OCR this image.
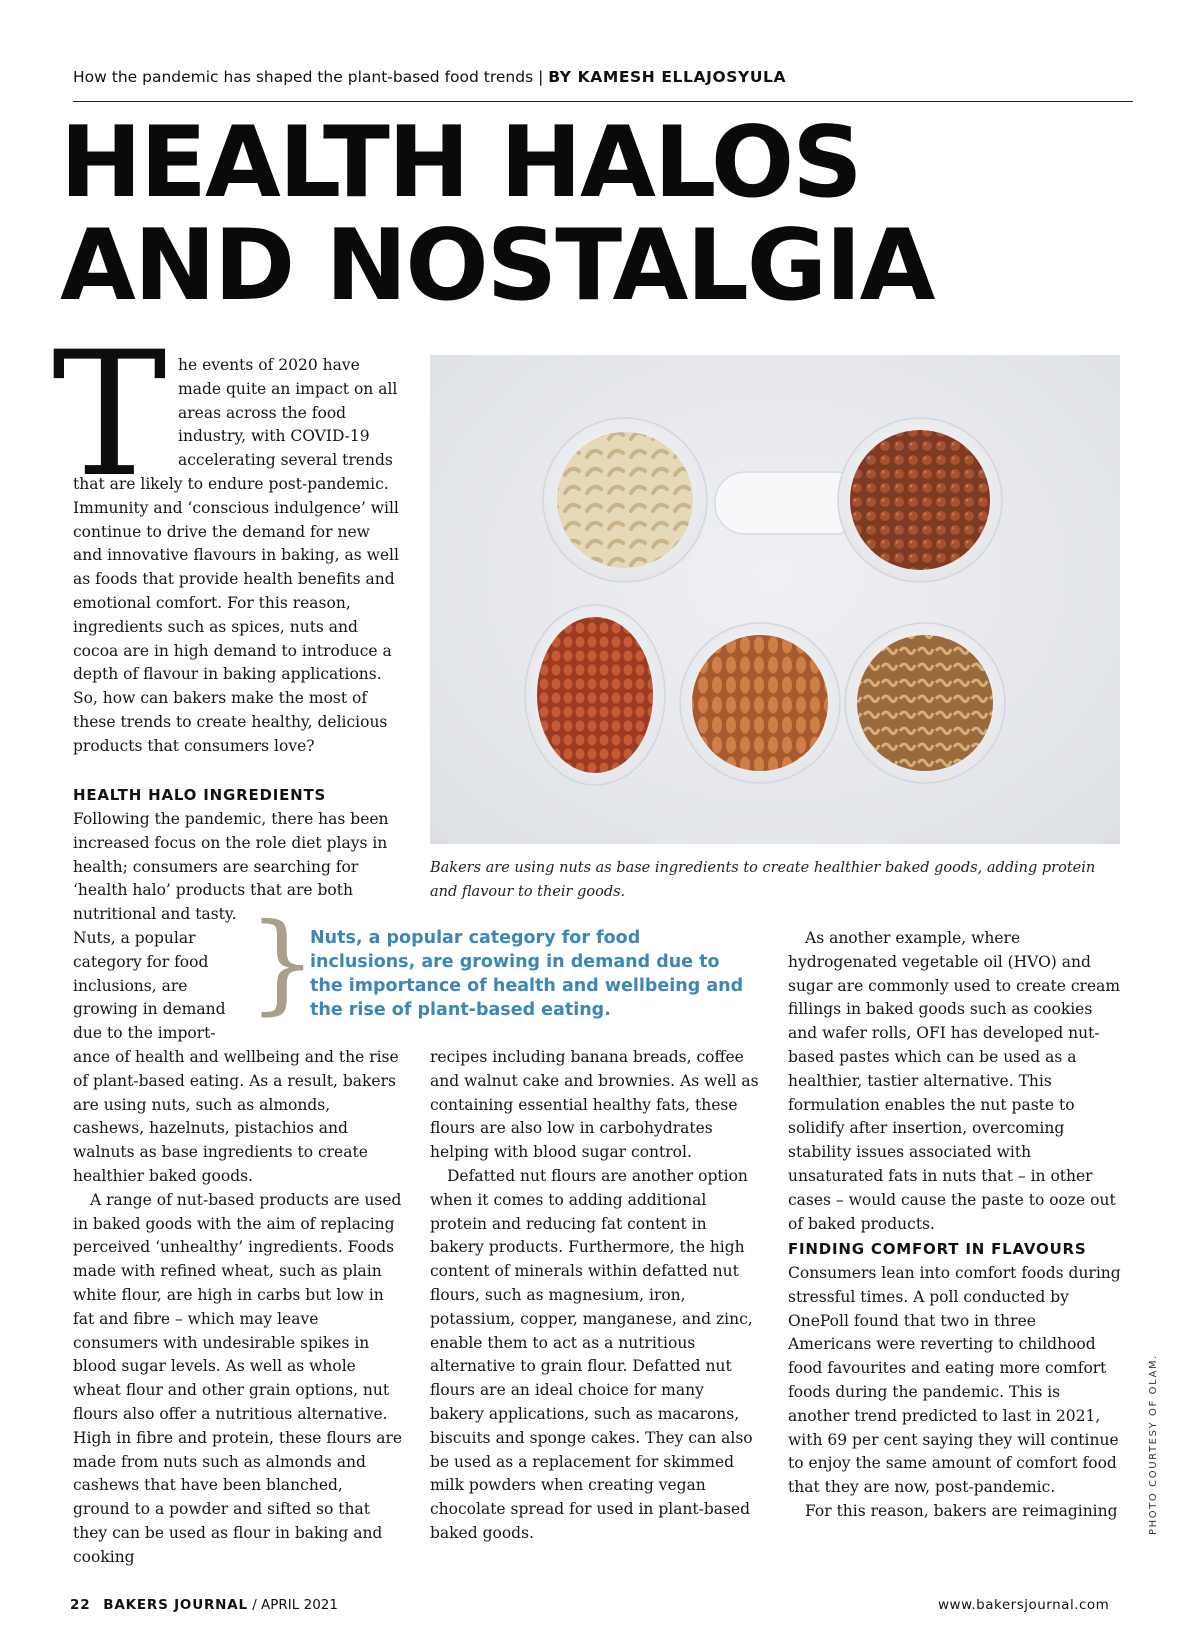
How the pandemic has shaped the plant-based food trends | BY KAMESH ELLAJOSYULA
HEALTH HALOS
AND NOSTALGIA
T he events of 2020 have
made quite an impact on all
areas across the food
industry, with COVID-19
accelerating several trends

that are likely to endure post-pandemic. Immunity and ‘conscious indulgence’ will continue to drive the demand for new and innovative flavours in baking, as well as foods that provide health benefits and emotional comfort. For this reason, ingredients such as spices, nuts and cocoa are in high demand to introduce a depth of flavour in baking applications. So, how can bakers make the most of these trends to create healthy, delicious products that consumers love?

HEALTH HALO INGREDIENTS

Following the pandemic, there has been increased focus on the role diet plays in health; consumers are searching for ‘health halo’ products that are both nutritional and tasty.

Nuts, a popular
category for food
inclusions, are
growing in demand
due to the import-

ance of health and wellbeing and the rise of plant-based eating. As a result, bakers are using nuts, such as almonds, cashews, hazelnuts, pistachios and walnuts as base ingredients to create healthier baked goods.

A range of nut-based products are used in baked goods with the aim of replacing perceived ‘unhealthy’ ingredients. Foods made with refined wheat, such as plain white flour, are high in carbs but low in fat and fibre – which may leave consumers with undesirable spikes in blood sugar levels. As well as whole wheat flour and other grain options, nut flours also offer a nutritious alternative. High in fibre and protein, these flours are made from nuts such as almonds and cashews that have been blanched, ground to a powder and sifted so that they can be used as flour in baking and cooking

Bakers are using nuts as base ingredients to create healthier baked goods, adding protein and flavour to their goods.
}
Nuts, a popular category for food inclusions, are growing in demand due to the importance of health and wellbeing and the rise of plant-based eating.

recipes including banana breads, coffee and walnut cake and brownies. As well as containing essential healthy fats, these flours are also low in carbohydrates helping with blood sugar control.

Defatted nut flours are another option when it comes to adding additional protein and reducing fat content in bakery products. Furthermore, the high content of minerals within defatted nut flours, such as magnesium, iron, potassium, copper, manganese, and zinc, enable them to act as a nutritious alternative to grain flour. Defatted nut flours are an ideal choice for many bakery applications, such as macarons, biscuits and sponge cakes. They can also be used as a replacement for skimmed milk powders when creating vegan chocolate spread for used in plant-based baked goods.

As another example, where hydrogenated vegetable oil (HVO) and sugar are commonly used to create cream fillings in baked goods such as cookies and wafer rolls, OFI has developed nut-based pastes which can be used as a healthier, tastier alternative. This formulation enables the nut paste to solidify after insertion, overcoming stability issues associated with unsaturated fats in nuts that – in other cases – would cause the paste to ooze out of baked products.

FINDING COMFORT IN FLAVOURS

Consumers lean into comfort foods during stressful times. A poll conducted by OnePoll found that two in three Americans were reverting to childhood food favourites and eating more comfort foods during the pandemic. This is another trend predicted to last in 2021, with 69 per cent saying they will continue to enjoy the same amount of comfort food that they are now, post-pandemic.

For this reason, bakers are reimagining	PHOTO COURTESY OF OLAM.
22 BAKERS JOURNAL / APRIL 2021	www.bakersjournal.com
